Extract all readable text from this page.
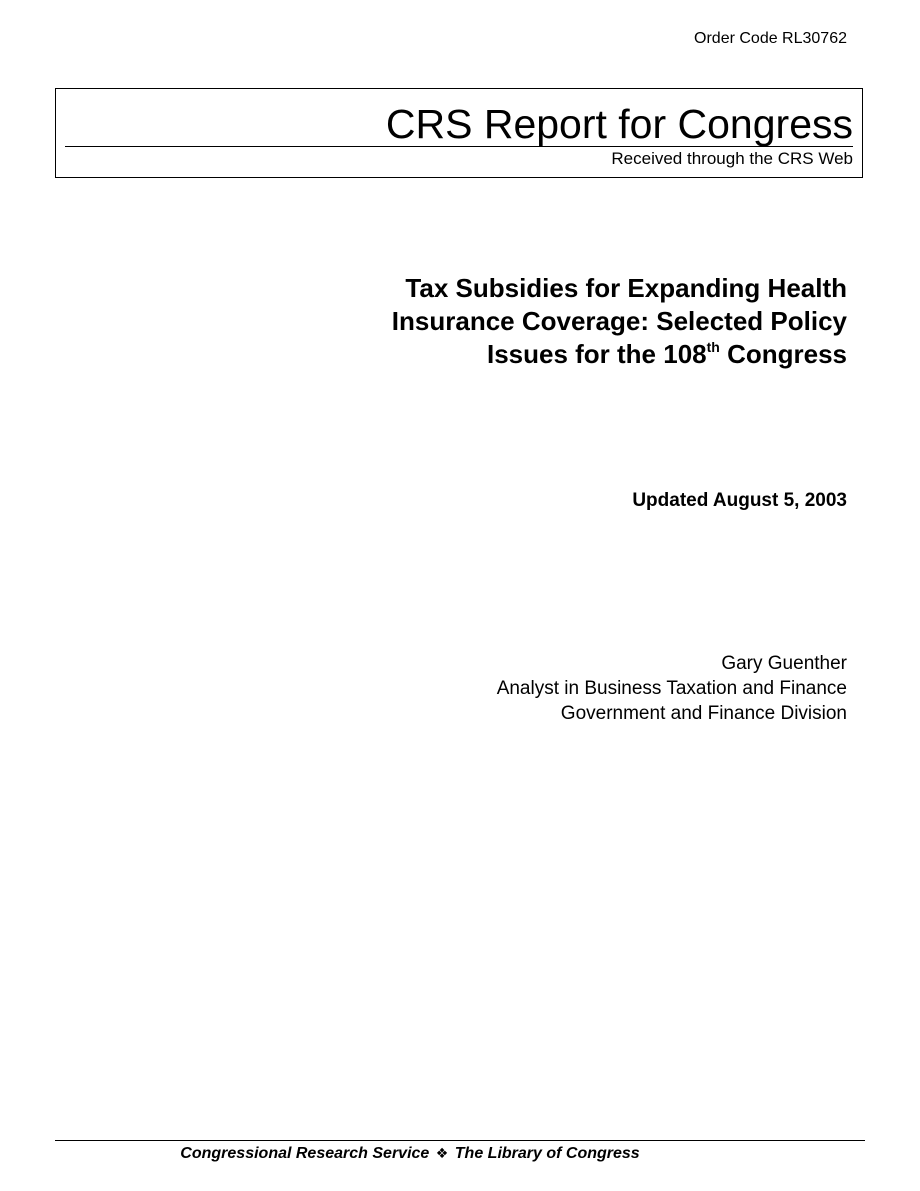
Order Code RL30762
CRS Report for Congress
Received through the CRS Web
Tax Subsidies for Expanding Health
Insurance Coverage: Selected Policy
Issues for the 108th Congress
Updated August 5, 2003
Gary Guenther
Analyst in Business Taxation and Finance
Government and Finance Division
Congressional Research Service ❖ The Library of Congress
